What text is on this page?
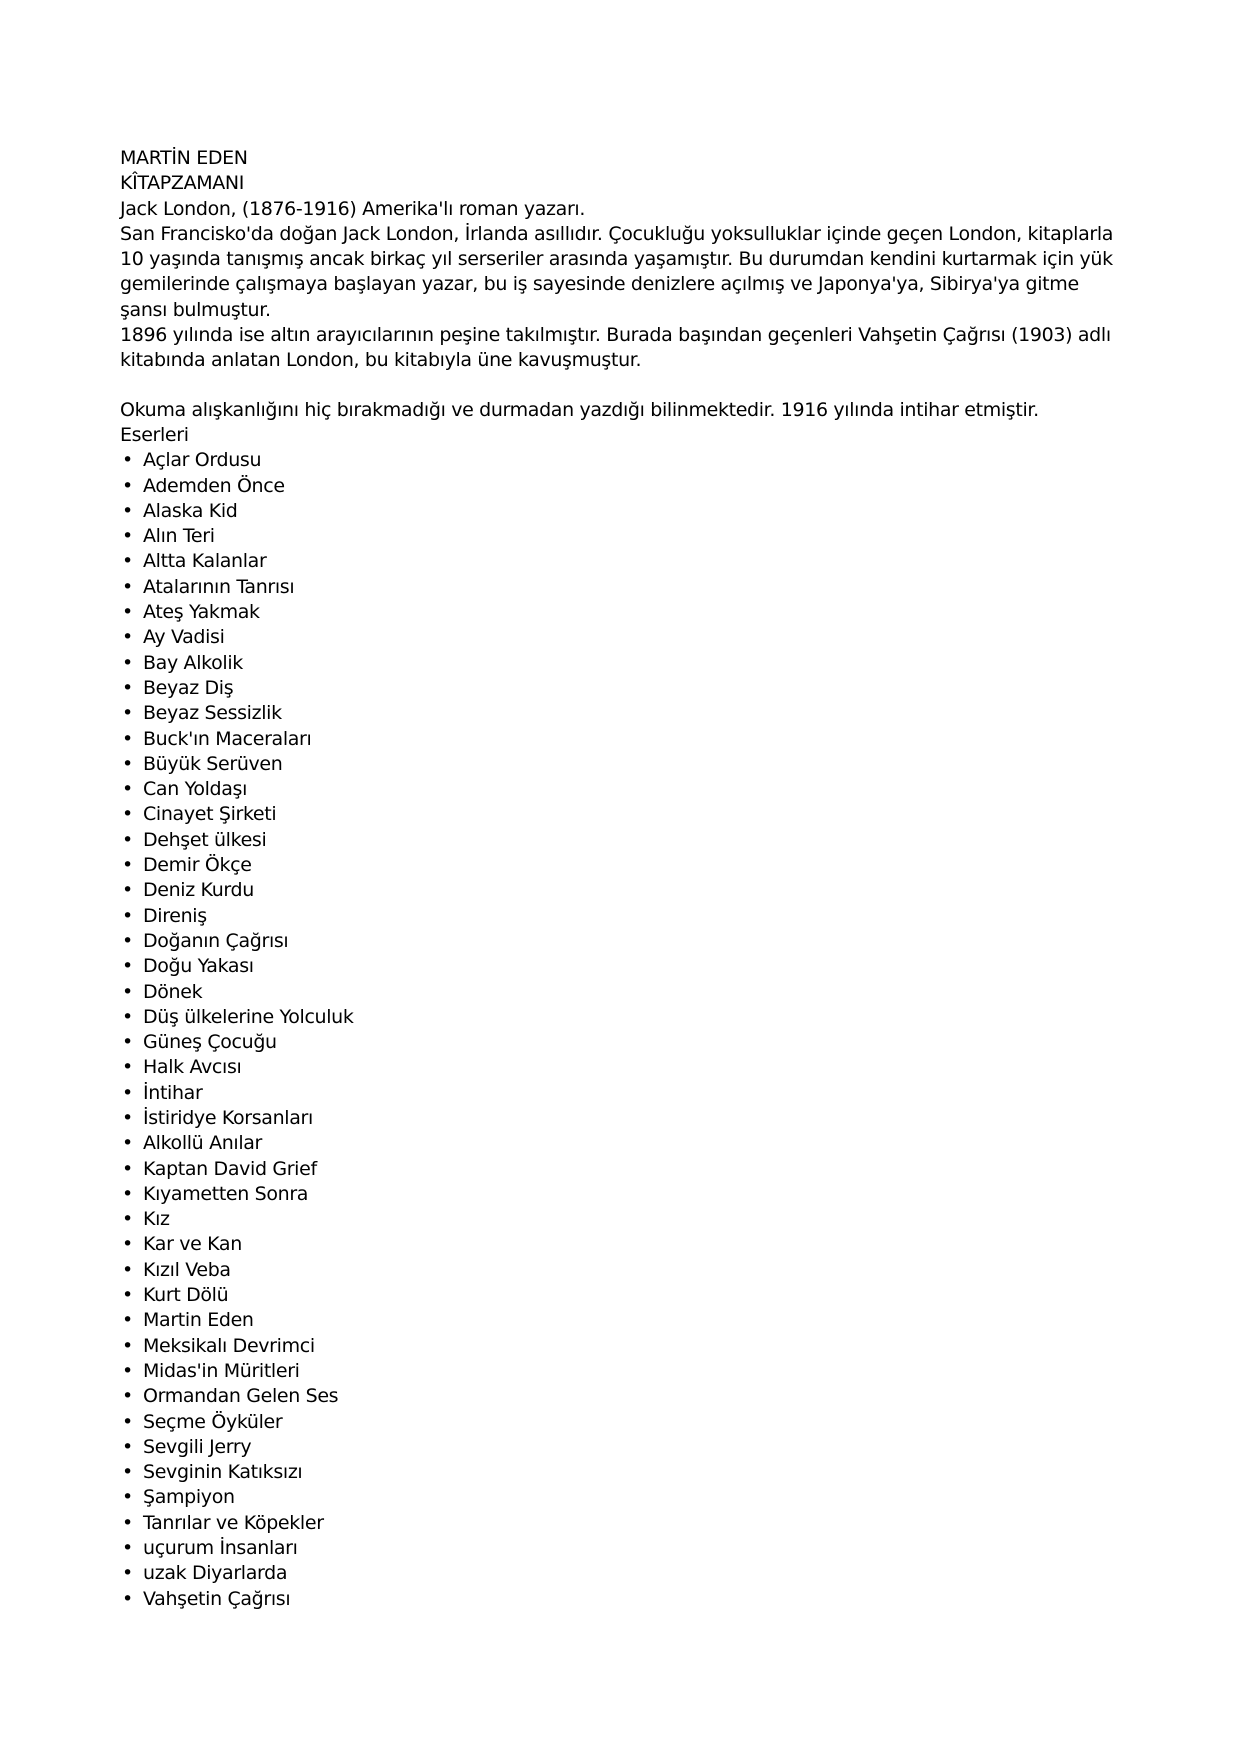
MARTİN EDEN
KÎTAPZAMANI
Jack London, (1876-1916) Amerika'lı roman yazarı.
San Francisko'da doğan Jack London, İrlanda asıllıdır. Çocukluğu yoksulluklar içinde geçen London, kitaplarla
10 yaşında tanışmış ancak birkaç yıl serseriler arasında yaşamıştır. Bu durumdan kendini kurtarmak için yük
gemilerinde çalışmaya başlayan yazar, bu iş sayesinde denizlere açılmış ve Japonya'ya, Sibirya'ya gitme
şansı bulmuştur.
1896 yılında ise altın arayıcılarının peşine takılmıştır. Burada başından geçenleri Vahşetin Çağrısı (1903) adlı
kitabında anlatan London, bu kitabıyla üne kavuşmuştur.
Okuma alışkanlığını hiç bırakmadığı ve durmadan yazdığı bilinmektedir. 1916 yılında intihar etmiştir.
Eserleri
• Açlar Ordusu
• Ademden Önce
• Alaska Kid
• Alın Teri
• Altta Kalanlar
• Atalarının Tanrısı
• Ateş Yakmak
• Ay Vadisi
• Bay Alkolik
• Beyaz Diş
• Beyaz Sessizlik
• Buck'ın Maceraları
• Büyük Serüven
• Can Yoldaşı
• Cinayet Şirketi
• Dehşet ülkesi
• Demir Ökçe
• Deniz Kurdu
• Direniş
• Doğanın Çağrısı
• Doğu Yakası
• Dönek
• Düş ülkelerine Yolculuk
• Güneş Çocuğu
• Halk Avcısı
• İntihar
• İstiridye Korsanları
• Alkollü Anılar
• Kaptan David Grief
• Kıyametten Sonra
• Kız
• Kar ve Kan
• Kızıl Veba
• Kurt Dölü
• Martin Eden
• Meksikalı Devrimci
• Midas'in Müritleri
• Ormandan Gelen Ses
• Seçme Öyküler
• Sevgili Jerry
• Sevginin Katıksızı
• Şampiyon
• Tanrılar ve Köpekler
• uçurum İnsanları
• uzak Diyarlarda
• Vahşetin Çağrısı
